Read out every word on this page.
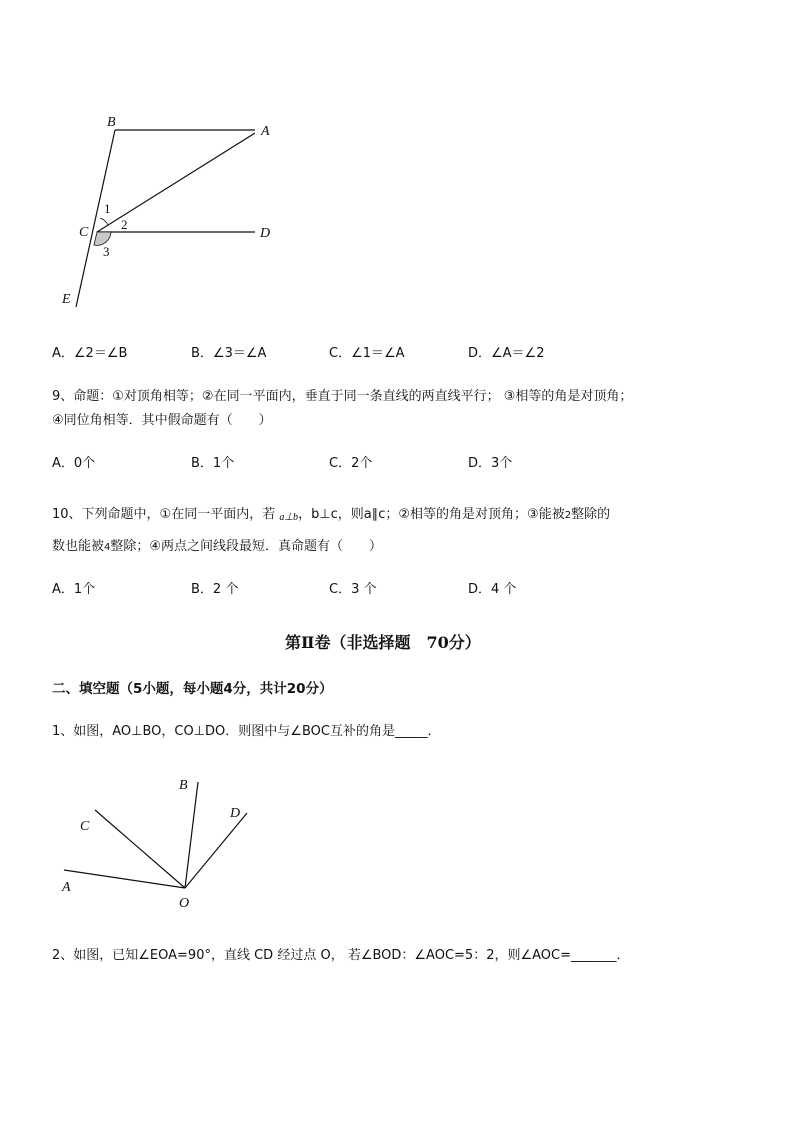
B
A
C	D
E
1
2
3
A．∠2＝∠B	B．∠3＝∠A	C．∠1＝∠A	D．∠A＝∠2
9、命题：①对顶角相等；②在同一平面内，垂直于同一条直线的两直线平行； ③相等的角是对顶角；
④同位角相等．其中假命题有（　　）
A．0个	B．1个	C．2个	D．3个
10、下列命题中，①在同一平面内，若 a⊥b，b⊥c，则a∥c；②相等的角是对顶角；③能被2整除的
数也能被4整除；④两点之间线段最短．真命题有（　　）
A．1个	B．2 个	C．3 个	D．4 个
第Ⅱ卷（非选择题　70分）
二、填空题（5小题，每小题4分，共计20分）
1、如图，AO⊥BO，CO⊥DO．则图中与∠BOC互补的角是_____．
B
C
D
A
O
2、如图，已知∠EOA=90°，直线 CD 经过点 O， 若∠BOD：∠AOC=5：2，则∠AOC=_______．
